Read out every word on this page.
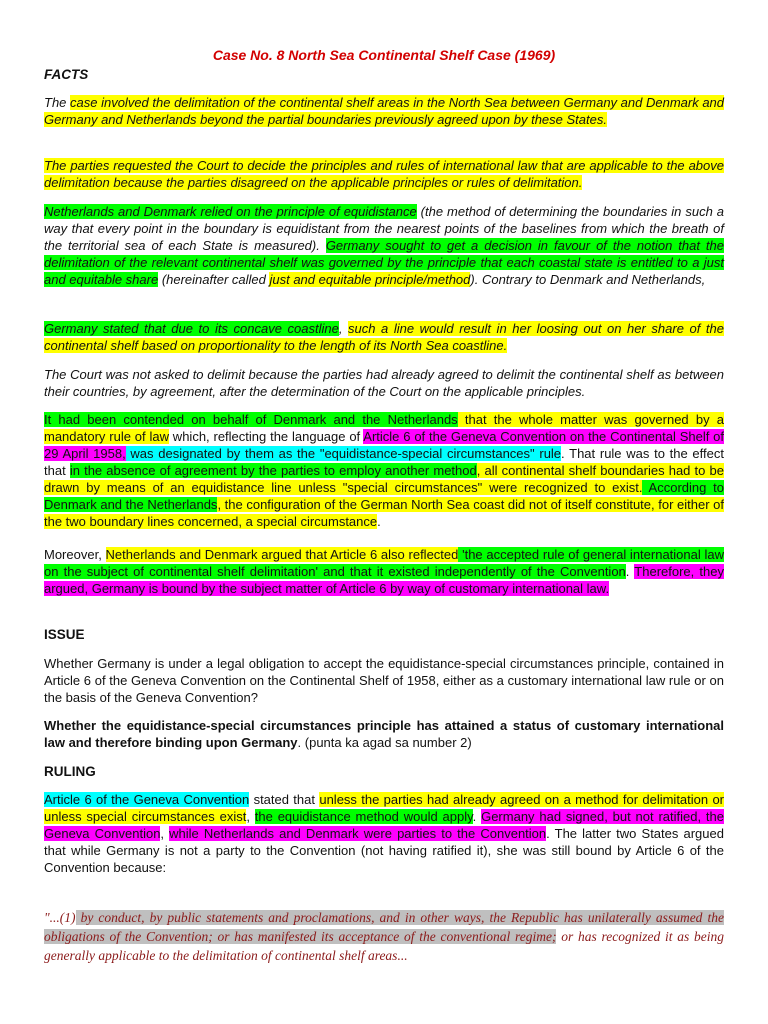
Case No. 8 North Sea Continental Shelf Case (1969)
FACTS

The case involved the delimitation of the continental shelf areas in the North Sea between Germany and Denmark and Germany and Netherlands beyond the partial boundaries previously agreed upon by these States.

The parties requested the Court to decide the principles and rules of international law that are applicable to the above delimitation because the parties disagreed on the applicable principles or rules of delimitation.

Netherlands and Denmark relied on the principle of equidistance (the method of determining the boundaries in such a way that every point in the boundary is equidistant from the nearest points of the baselines from which the breath of the territorial sea of each State is measured). Germany sought to get a decision in favour of the notion that the delimitation of the relevant continental shelf was governed by the principle that each coastal state is entitled to a just and equitable share (hereinafter called just and equitable principle/method). Contrary to Denmark and Netherlands,

Germany stated that due to its concave coastline, such a line would result in her loosing out on her share of the continental shelf based on proportionality to the length of its North Sea coastline.

The Court was not asked to delimit because the parties had already agreed to delimit the continental shelf as between their countries, by agreement, after the determination of the Court on the applicable principles.

It had been contended on behalf of Denmark and the Netherlands that the whole matter was governed by a mandatory rule of law which, reflecting the language of Article 6 of the Geneva Convention on the Continental Shelf of 29 April 1958, was designated by them as the "equidistance-special circumstances" rule. That rule was to the effect that in the absence of agreement by the parties to employ another method, all continental shelf boundaries had to be drawn by means of an equidistance line unless "special circumstances" were recognized to exist. According to Denmark and the Netherlands, the configuration of the German North Sea coast did not of itself constitute, for either of the two boundary lines concerned, a special circumstance.

Moreover, Netherlands and Denmark argued that Article 6 also reflected 'the accepted rule of general international law on the subject of continental shelf delimitation' and that it existed independently of the Convention. Therefore, they argued, Germany is bound by the subject matter of Article 6 by way of customary international law.

ISSUE

Whether Germany is under a legal obligation to accept the equidistance-special circumstances principle, contained in Article 6 of the Geneva Convention on the Continental Shelf of 1958, either as a customary international law rule or on the basis of the Geneva Convention?

Whether the equidistance-special circumstances principle has attained a status of customary international law and therefore binding upon Germany. (punta ka agad sa number 2)

RULING

Article 6 of the Geneva Convention stated that unless the parties had already agreed on a method for delimitation or unless special circumstances exist, the equidistance method would apply. Germany had signed, but not ratified, the Geneva Convention, while Netherlands and Denmark were parties to the Convention. The latter two States argued that while Germany is not a party to the Convention (not having ratified it), she was still bound by Article 6 of the Convention because:

"...(1) by conduct, by public statements and proclamations, and in other ways, the Republic has unilaterally assumed the obligations of the Convention; or has manifested its acceptance of the conventional regime; or has recognized it as being generally applicable to the delimitation of continental shelf areas...
